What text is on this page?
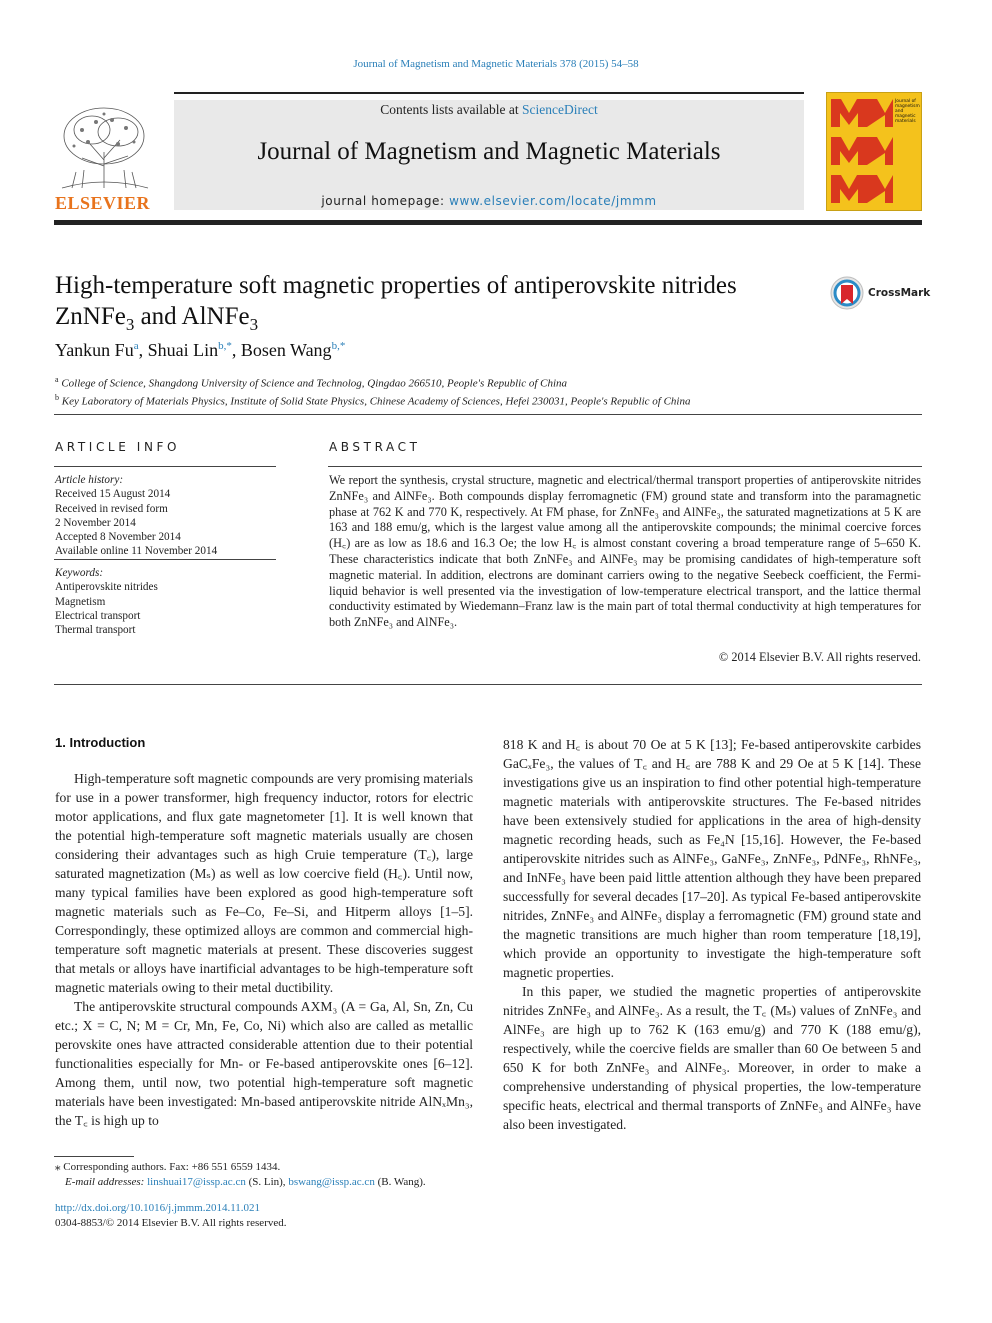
Journal of Magnetism and Magnetic Materials 378 (2015) 54–58
ELSEVIER
Contents lists available at ScienceDirect
Journal of Magnetism and Magnetic Materials
journal homepage: www.elsevier.com/locate/jmmm
Journal of
magnetism
and
magnetic
materials
High-temperature soft magnetic properties of antiperovskite nitrides
ZnNFe$_3$ and AlNFe$_3$
CrossMark
Yankun Fu$^a$, Shuai Lin$^{b,*}$, Bosen Wang$^{b,*}$
$^a$ College of Science, Shangdong University of Science and Technolog, Qingdao 266510, People's Republic of China
$^b$ Key Laboratory of Materials Physics, Institute of Solid State Physics, Chinese Academy of Sciences, Hefei 230031, People's Republic of China
ARTICLE INFO
Article history:
Received 15 August 2014
Received in revised form
2 November 2014
Accepted 8 November 2014
Available online 11 November 2014
Keywords:
Antiperovskite nitrides
Magnetism
Electrical transport
Thermal transport
ABSTRACT
We report the synthesis, crystal structure, magnetic and electrical/thermal transport properties of antiperovskite nitrides ZnNFe₃ and AlNFe₃. Both compounds display ferromagnetic (FM) ground state and transform into the paramagnetic phase at 762 K and 770 K, respectively. At FM phase, for ZnNFe₃ and AlNFe₃, the saturated magnetizations at 5 K are 163 and 188 emu/g, which is the largest value among all the antiperovskite compounds; the minimal coercive forces (H꜀) are as low as 18.6 and 16.3 Oe; the low H꜀ is almost constant covering a broad temperature range of 5–650 K. These characteristics indicate that both ZnNFe₃ and AlNFe₃ may be promising candidates of high-temperature soft magnetic material. In addition, electrons are dominant carriers owing to the negative Seebeck coefficient, the Fermi-liquid behavior is well presented via the investigation of low-temperature electrical transport, and the lattice thermal conductivity estimated by Wiedemann–Franz law is the main part of total thermal conductivity at high temperatures for both ZnNFe₃ and AlNFe₃.
© 2014 Elsevier B.V. All rights reserved.
1. Introduction

High-temperature soft magnetic compounds are very promising materials for use in a power transformer, high frequency inductor, rotors for electric motor applications, and flux gate magnetometer [1]. It is well known that the potential high-temperature soft magnetic materials usually are chosen considering their advantages such as high Cruie temperature (T꜀), large saturated magnetization (Mₛ) as well as low coercive field (H꜀). Until now, many typical families have been explored as good high-temperature soft magnetic materials such as Fe–Co, Fe–Si, and Hitperm alloys [1–5]. Correspondingly, these optimized alloys are common and commercial high-temperature soft magnetic materials at present. These discoveries suggest that metals or alloys have inartificial advantages to be high-temperature soft magnetic materials owing to their metal ductibility.

The antiperovskite structural compounds AXM₃ (A = Ga, Al, Sn, Zn, Cu etc.; X = C, N; M = Cr, Mn, Fe, Co, Ni) which also are called as metallic perovskite ones have attracted considerable attention due to their potential functionalities especially for Mn- or Fe-based antiperovskite ones [6–12]. Among them, until now, two potential high-temperature soft magnetic materials have been investigated: Mn-based antiperovskite nitride AlNₓMn₃, the T꜀ is high up to

818 K and H꜀ is about 70 Oe at 5 K [13]; Fe-based antiperovskite carbides GaCₓFe₃, the values of T꜀ and H꜀ are 788 K and 29 Oe at 5 K [14]. These investigations give us an inspiration to find other potential high-temperature magnetic materials with antiperovskite structures. The Fe-based nitrides have been extensively studied for applications in the area of high-density magnetic recording heads, such as Fe₄N [15,16]. However, the Fe-based antiperovskite nitrides such as AlNFe₃, GaNFe₃, ZnNFe₃, PdNFe₃, RhNFe₃, and InNFe₃ have been paid little attention although they have been prepared successfully for several decades [17–20]. As typical Fe-based antiperovskite nitrides, ZnNFe₃ and AlNFe₃ display a ferromagnetic (FM) ground state and the magnetic transitions are much higher than room temperature [18,19], which provide an opportunity to investigate the high-temperature soft magnetic properties.

In this paper, we studied the magnetic properties of antiperovskite nitrides ZnNFe₃ and AlNFe₃. As a result, the T꜀ (Mₛ) values of ZnNFe₃ and AlNFe₃ are high up to 762 K (163 emu/g) and 770 K (188 emu/g), respectively, while the coercive fields are smaller than 60 Oe between 5 and 650 K for both ZnNFe₃ and AlNFe₃. Moreover, in order to make a comprehensive understanding of physical properties, the low-temperature specific heats, electrical and thermal transports of ZnNFe₃ and AlNFe₃ have also been investigated.

⁎ Corresponding authors. Fax: +86 551 6559 1434.
E-mail addresses: linshuai17@issp.ac.cn (S. Lin), bswang@issp.ac.cn (B. Wang).
http://dx.doi.org/10.1016/j.jmmm.2014.11.021
0304-8853/© 2014 Elsevier B.V. All rights reserved.
